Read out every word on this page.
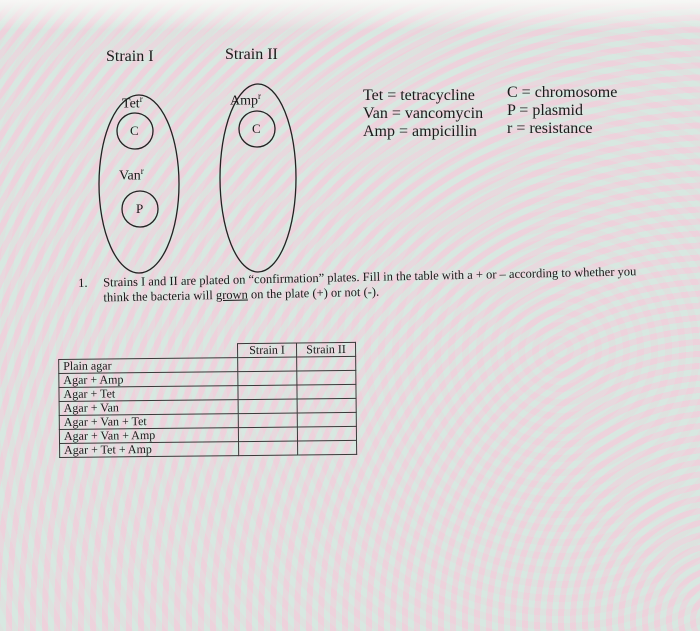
Strain I	Strain II
Tet$^r$
C
Van$^r$
P
Amp$^r$
C
Tet = tetracycline
Van = vancomycin
Amp = ampicillin
C = chromosome
P = plasmid
r = resistance
1. Strains I and II are plated on “confirmation” plates. Fill in the table with a + or – according to whether you think the bacteria will grown on the plate (+) or not (-).
	Strain I	Strain II
Plain agar		
Agar + Amp		
Agar + Tet		
Agar + Van		
Agar + Van + Tet		
Agar + Van + Amp		
Agar + Tet + Amp		
